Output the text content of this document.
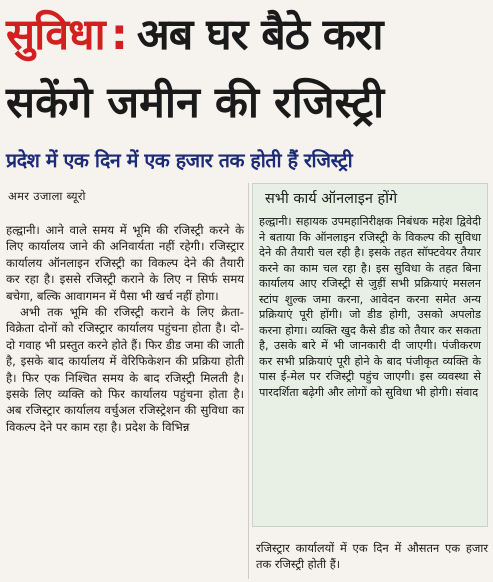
सुविधा : अब घर बैठे करा
सकेंगे जमीन की रजिस्ट्री
प्रदेश में एक दिन में एक हजार तक होती हैं रजिस्ट्री
अमर उजाला ब्यूरो

हल्द्वानी। आने वाले समय में भूमि की रजिस्ट्री करने के लिए कार्यालय जाने की अनिवार्यता नहीं रहेगी। रजिस्ट्रार कार्यालय ऑनलाइन रजिस्ट्री का विकल्प देने की तैयारी कर रहा है। इससे रजिस्ट्री कराने के लिए न सिर्फ समय बचेगा, बल्कि आवागमन में पैसा भी खर्च नहीं होगा।

अभी तक भूमि की रजिस्ट्री कराने के लिए क्रेता-विक्रेता दोनों को रजिस्ट्रार कार्यालय पहुंचना होता है। दो-दो गवाह भी प्रस्तुत करने होते हैं। फिर डीड जमा की जाती है, इसके बाद कार्यालय में वेरिफिकेशन की प्रक्रिया होती है। फिर एक निश्चित समय के बाद रजिस्ट्री मिलती है। इसके लिए व्यक्ति को फिर कार्यालय पहुंचना होता है। अब रजिस्ट्रार कार्यालय वर्चुअल रजिस्ट्रेशन की सुविधा का विकल्प देने पर काम रहा है। प्रदेश के विभिन्न

सभी कार्य ऑनलाइन होंगे

हल्द्वानी। सहायक उपमहानिरीक्षक निबंधक महेश द्विवेदी ने बताया कि ऑनलाइन रजिस्ट्री के विकल्प की सुविधा देने की तैयारी चल रही है। इसके तहत सॉफ्टवेयर तैयार करने का काम चल रहा है। इस सुविधा के तहत बिना कार्यालय आए रजिस्ट्री से जुड़ीं सभी प्रक्रियाएं मसलन स्टांप शुल्क जमा करना, आवेदन करना समेत अन्य प्रक्रियाएं पूरी होंगी। जो डीड होगी, उसको अपलोड करना होगा। व्यक्ति खुद कैसे डीड को तैयार कर सकता है, उसके बारे में भी जानकारी दी जाएगी। पंजीकरण कर सभी प्रक्रियाएं पूरी होने के बाद पंजीकृत व्यक्ति के पास ई-मेल पर रजिस्ट्री पहुंच जाएगी। इस व्यवस्था से पारदर्शिता बढ़ेगी और लोगों को सुविधा भी होगी। संवाद

रजिस्ट्रार कार्यालयों में एक दिन में औसतन एक हजार तक रजिस्ट्री होती हैं।
